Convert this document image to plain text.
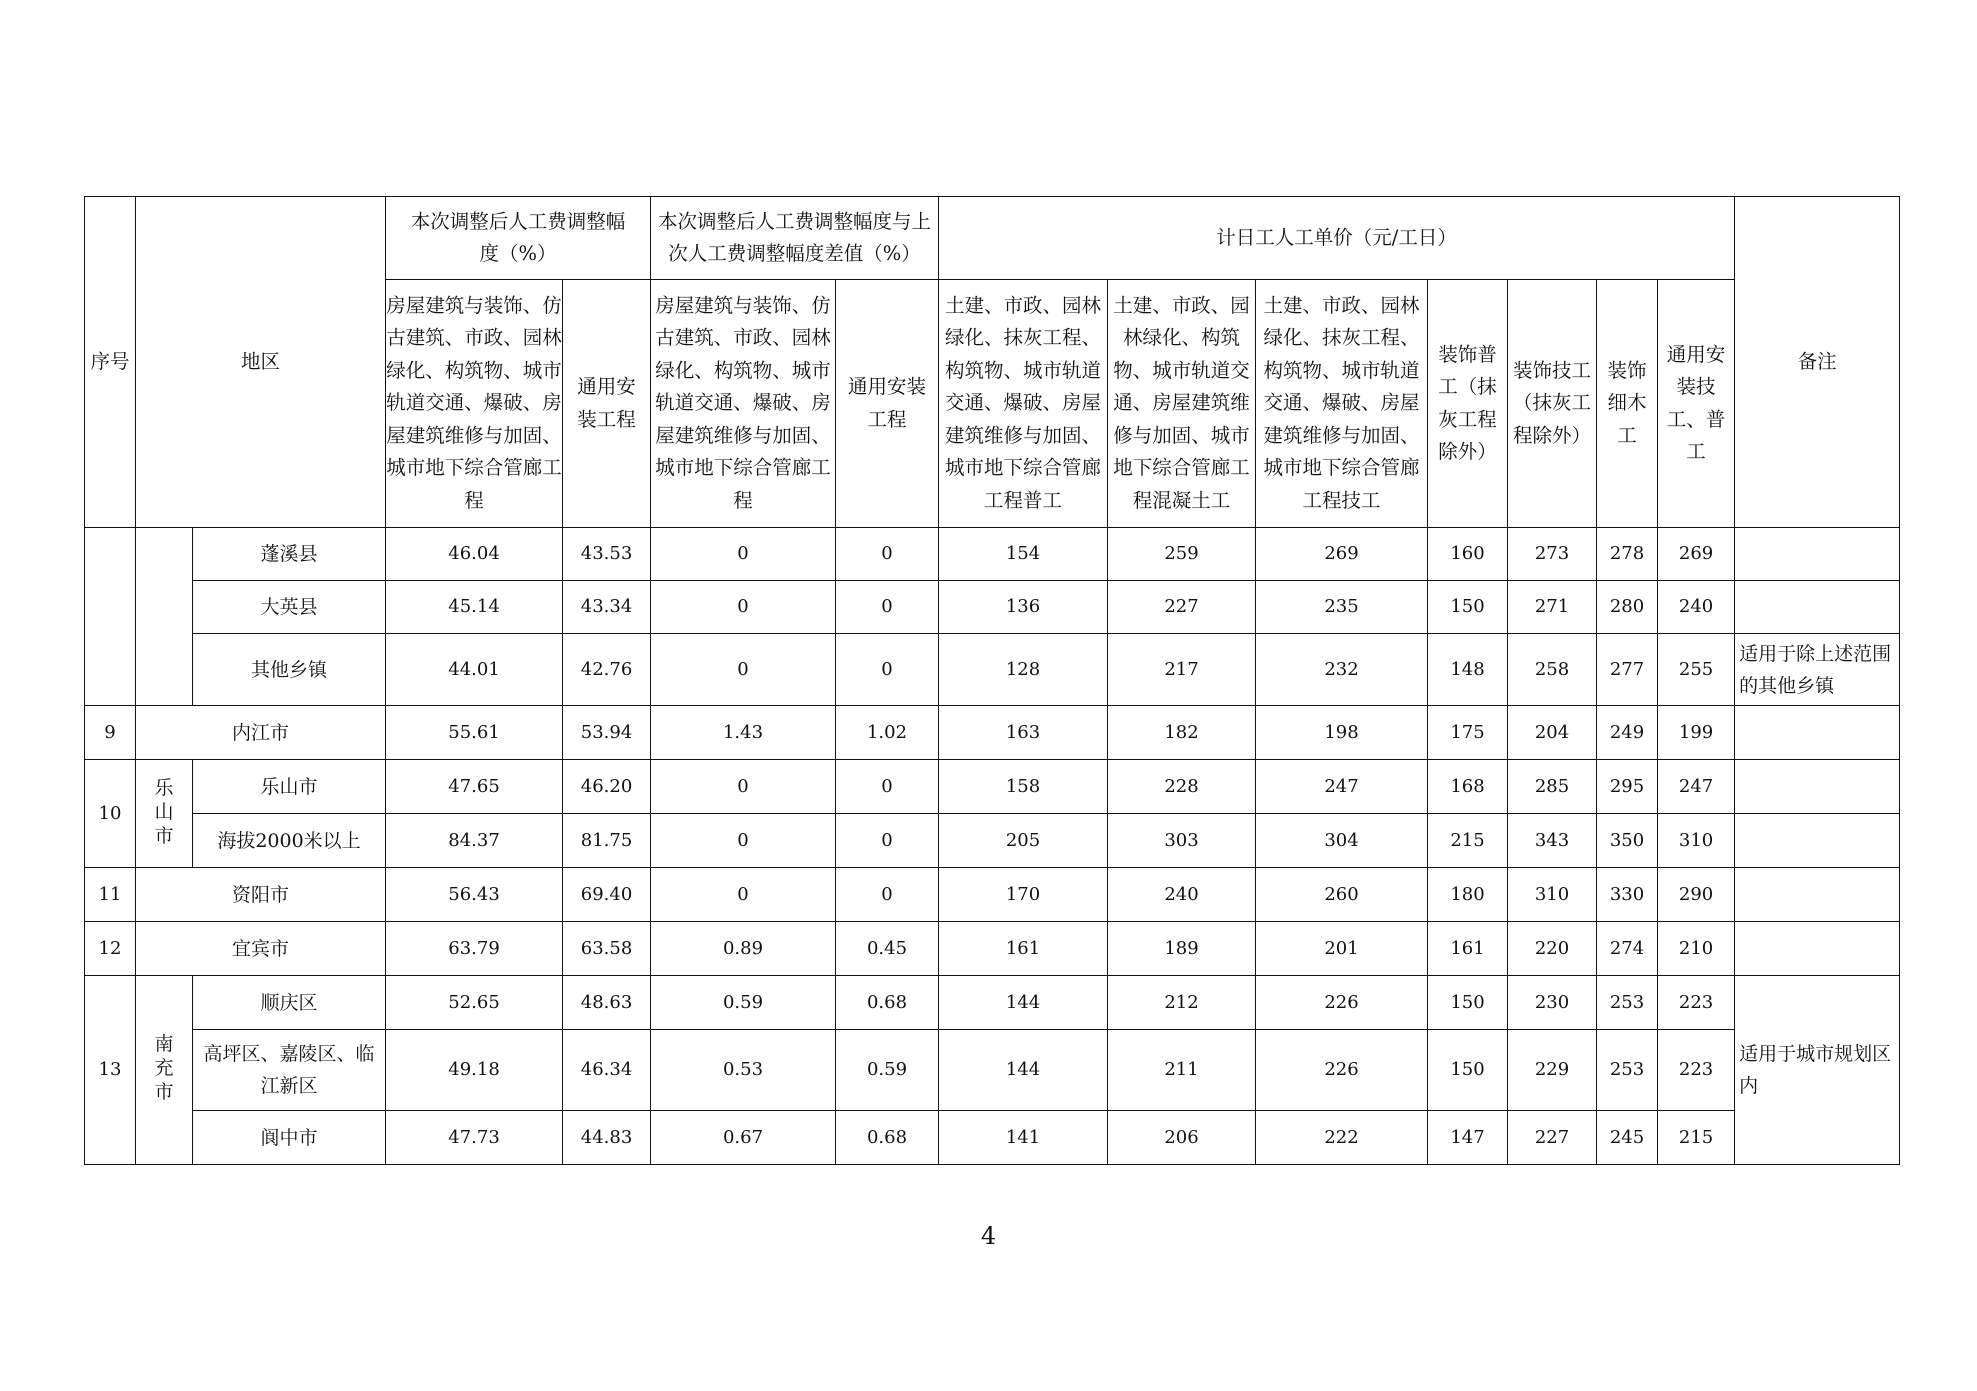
序号	地区		本次调整后人工费调整幅度（%）		本次调整后人工费调整幅度与上次人工费调整幅度差值（%）		计日工人工单价（元/工日）							备注
			房屋建筑与装饰、仿古建筑、市政、园林绿化、构筑物、城市轨道交通、爆破、房屋建筑维修与加固、城市地下综合管廊工程	通用安装工程	房屋建筑与装饰、仿古建筑、市政、园林绿化、构筑物、城市轨道交通、爆破、房屋建筑维修与加固、城市地下综合管廊工程	通用安装工程	土建、市政、园林绿化、抹灰工程、构筑物、城市轨道交通、爆破、房屋建筑维修与加固、城市地下综合管廊工程普工	土建、市政、园林绿化、构筑物、城市轨道交通、房屋建筑维修与加固、城市地下综合管廊工程混凝土工	土建、市政、园林绿化、抹灰工程、构筑物、城市轨道交通、爆破、房屋建筑维修与加固、城市地下综合管廊工程技工	装饰普工（抹灰工程除外）	装饰技工（抹灰工程除外）	装饰细木工	通用安装技工、普工	
		蓬溪县	46.04	43.53	0	0	154	259	269	160	273	278	269	
		大英县	45.14	43.34	0	0	136	227	235	150	271	280	240	
		其他乡镇	44.01	42.76	0	0	128	217	232	148	258	277	255	适用于除上述范围的其他乡镇
9	内江市		55.61	53.94	1.43	1.02	163	182	198	175	204	249	199	
10	乐山市	乐山市	47.65	46.20	0	0	158	228	247	168	285	295	247	
		海拔2000米以上	84.37	81.75	0	0	205	303	304	215	343	350	310	
11	资阳市		56.43	69.40	0	0	170	240	260	180	310	330	290	
12	宜宾市		63.79	63.58	0.89	0.45	161	189	201	161	220	274	210	
13	南充市	顺庆区	52.65	48.63	0.59	0.68	144	212	226	150	230	253	223	适用于城市规划区内
		高坪区、嘉陵区、临江新区	49.18	46.34	0.53	0.59	144	211	226	150	229	253	223	
		阆中市	47.73	44.83	0.67	0.68	141	206	222	147	227	245	215	
4
